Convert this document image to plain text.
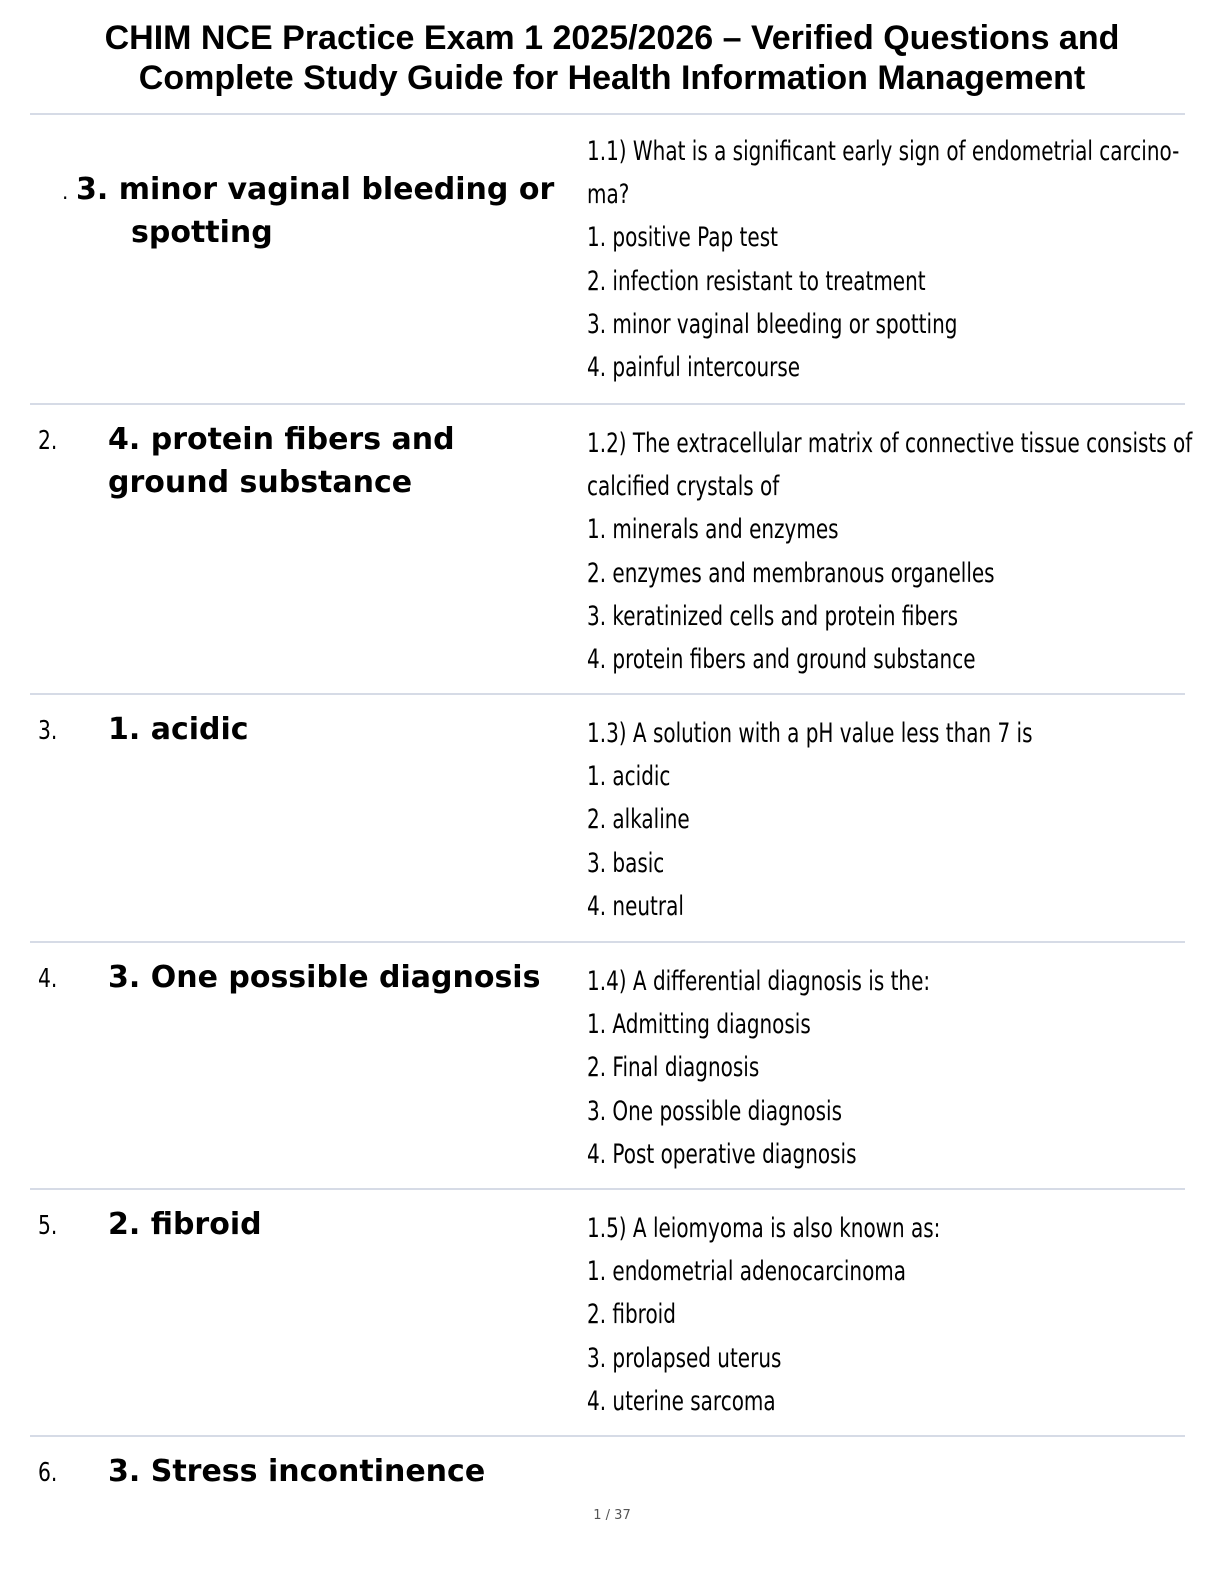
CHIM NCE Practice Exam 1 2025/2026 – Verified Questions and
Complete Study Guide for Health Information Management
. 3. minor vaginal bleeding or
spotting
1.1) What is a significant early sign of endometrial carcino-
ma?
1. positive Pap test
2. infection resistant to treatment
3. minor vaginal bleeding or spotting
4. painful intercourse
2. 4. protein fibers and ground substance
1.2) The extracellular matrix of connective tissue consists of
calcified crystals of
1. minerals and enzymes
2. enzymes and membranous organelles
3. keratinized cells and protein fibers
4. protein fibers and ground substance
3. 1. acidic	1.3) A solution with a pH value less than 7 is
1. acidic
2. alkaline
3. basic
4. neutral
4. 3. One possible diagnosis 1.4) A differential diagnosis is the:
1. Admitting diagnosis
2. Final diagnosis
3. One possible diagnosis
4. Post operative diagnosis
5. 2. fibroid	1.5) A leiomyoma is also known as:
1. endometrial adenocarcinoma
2. fibroid
3. prolapsed uterus
4. uterine sarcoma
6. 3. Stress incontinence
1 / 37
